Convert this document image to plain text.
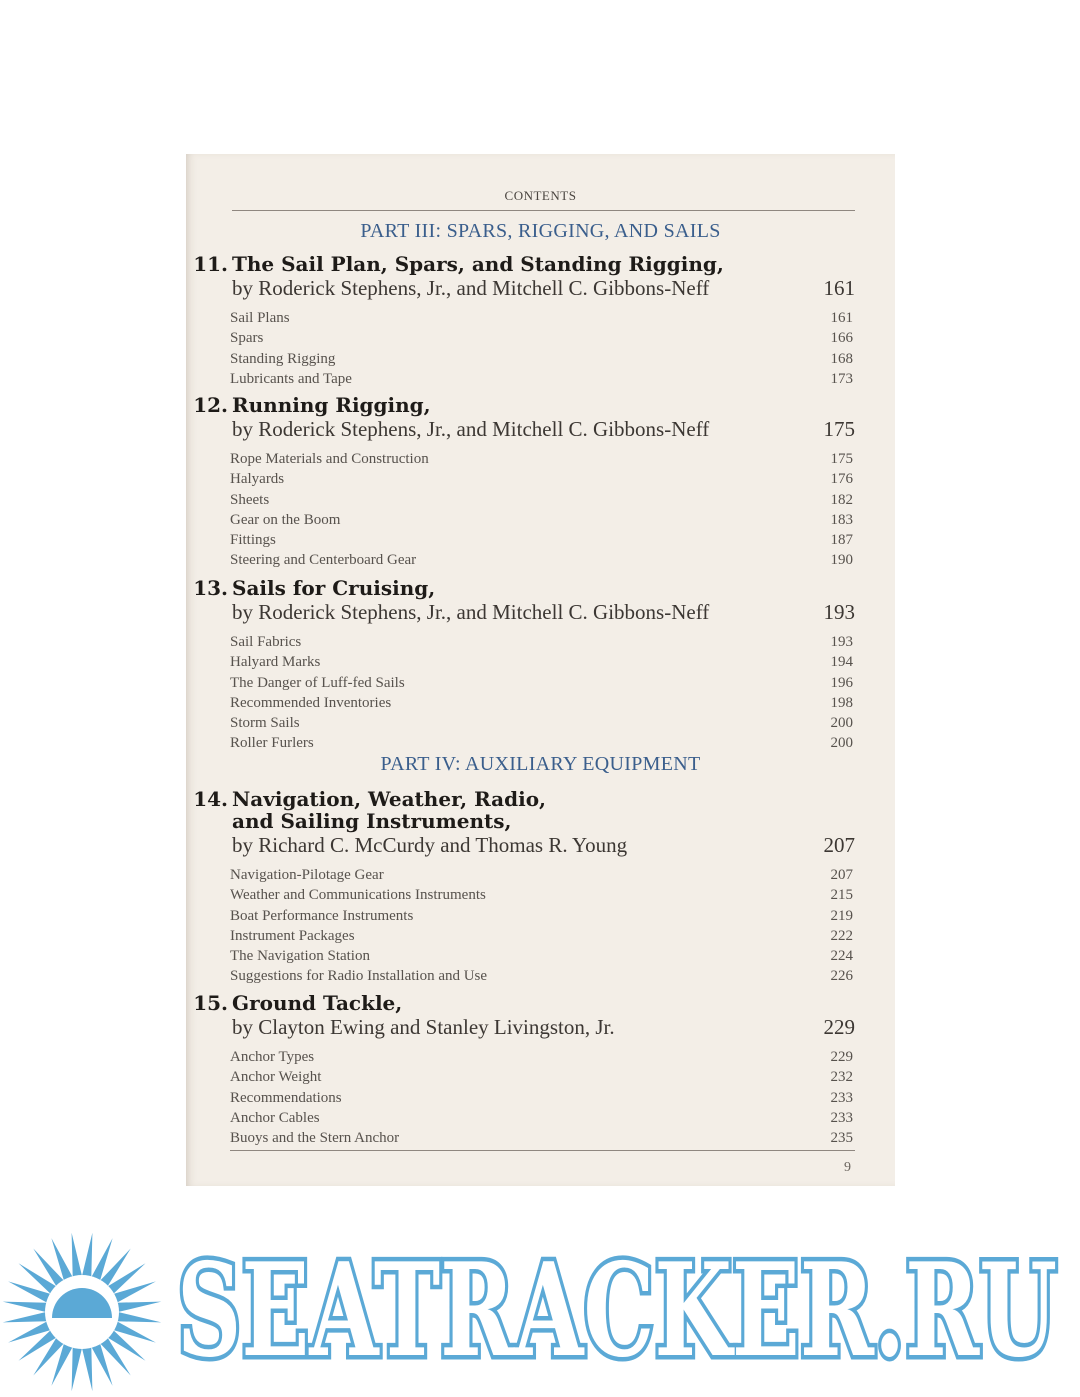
CONTENTS
PART III: SPARS, RIGGING, AND SAILS
11. The Sail Plan, Spars, and Standing Rigging,
by Roderick Stephens, Jr., and Mitchell C. Gibbons-Neff	161
Sail Plans	161
Spars	166
Standing Rigging	168
Lubricants and Tape	173
12. Running Rigging,
by Roderick Stephens, Jr., and Mitchell C. Gibbons-Neff	175
Rope Materials and Construction	175
Halyards	176
Sheets	182
Gear on the Boom	183
Fittings	187
Steering and Centerboard Gear	190
13. Sails for Cruising,
by Roderick Stephens, Jr., and Mitchell C. Gibbons-Neff	193
Sail Fabrics	193
Halyard Marks	194
The Danger of Luff-fed Sails	196
Recommended Inventories	198
Storm Sails	200
Roller Furlers	200
PART IV: AUXILIARY EQUIPMENT
14. Navigation, Weather, Radio,
and Sailing Instruments,
by Richard C. McCurdy and Thomas R. Young	207
Navigation-Pilotage Gear	207
Weather and Communications Instruments	215
Boat Performance Instruments	219
Instrument Packages	222
The Navigation Station	224
Suggestions for Radio Installation and Use	226
15. Ground Tackle,
by Clayton Ewing and Stanley Livingston, Jr.	229
Anchor Types	229
Anchor Weight	232
Recommendations	233
Anchor Cables	233
Buoys and the Stern Anchor	235
9
SEATRACKER.RU
